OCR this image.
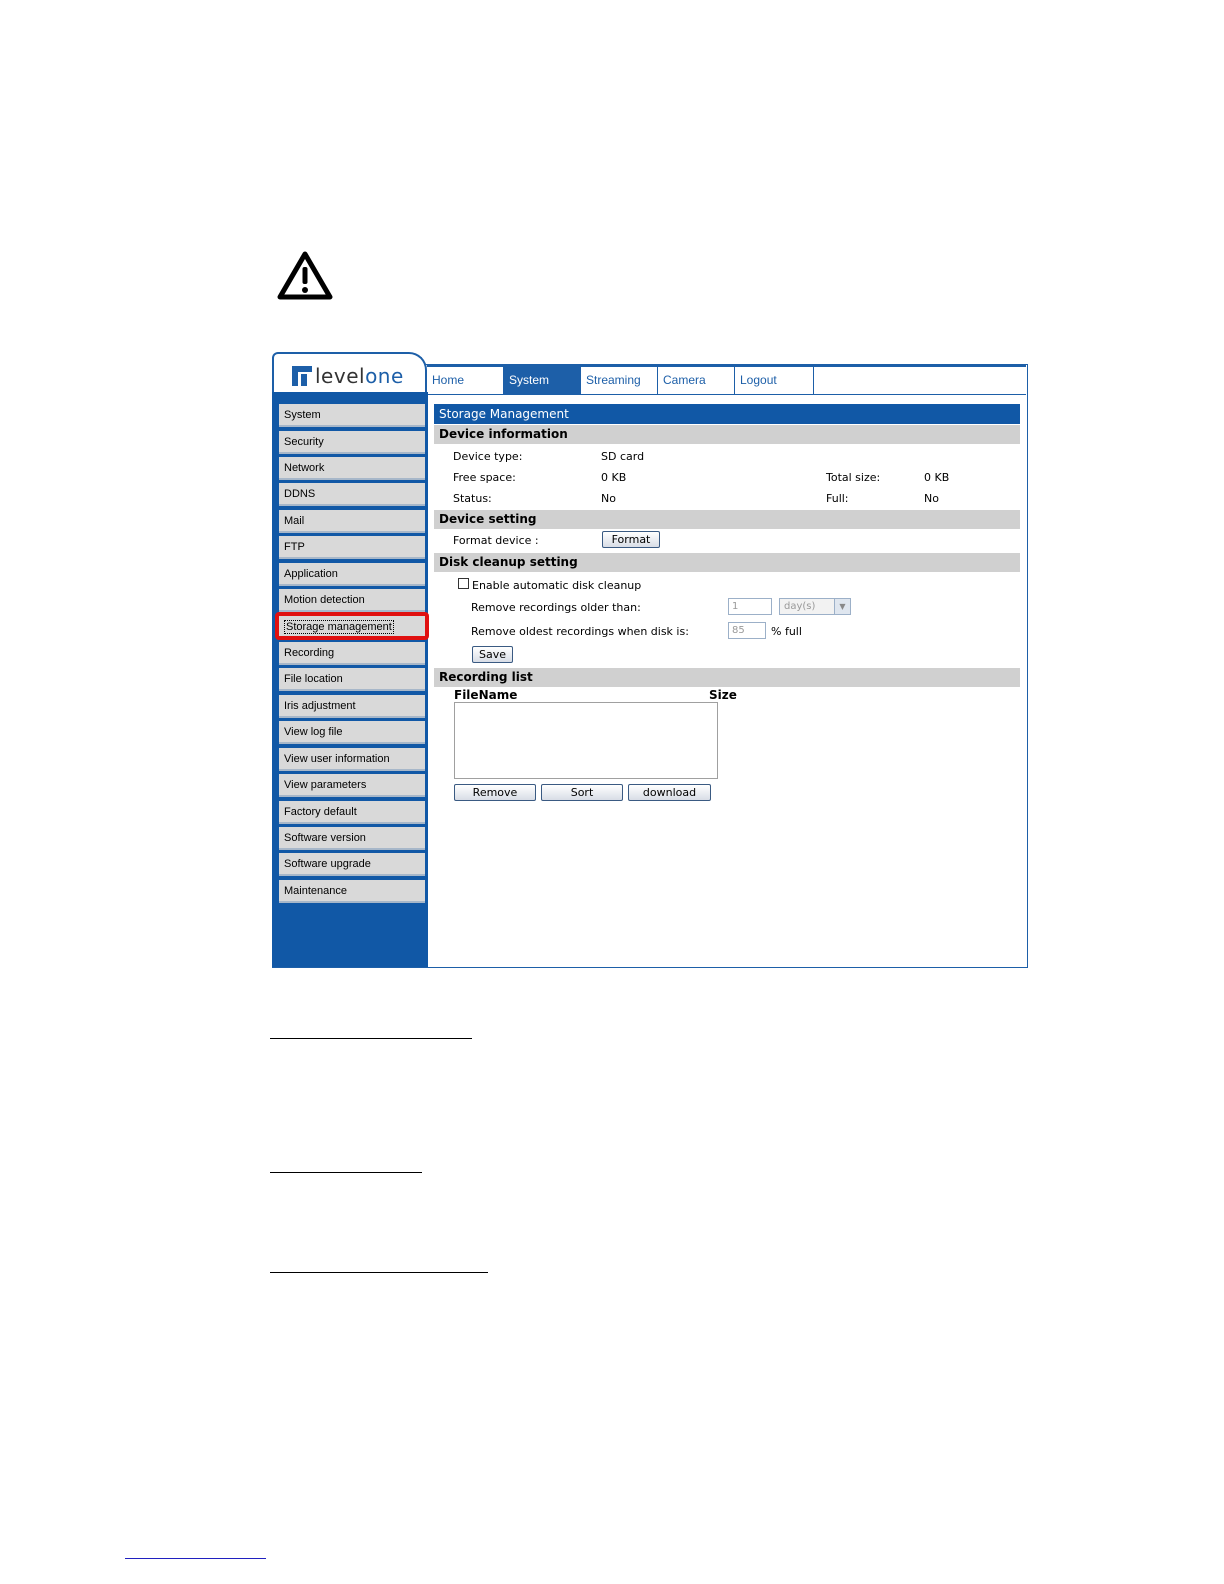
levelone	Home	System	Streaming	Camera	Logout
System
Security
Network
DDNS
Mail
FTP
Application
Motion detection
Storage management
Recording
File location
Iris adjustment
View log file
View user information
View parameters
Factory default
Software version
Software upgrade
Maintenance
Storage Management
Device information
Device type:	SD card
Free space:	0 KB	Total size:	0 KB
Status:	No	Full:	No
Device setting
Format device :	Format
Disk cleanup setting
Enable automatic disk cleanup
Remove recordings older than:	1	day(s)	▼
Remove oldest recordings when disk is:	85	% full
Save
Recording list
FileName	Size
Remove	Sort	download
